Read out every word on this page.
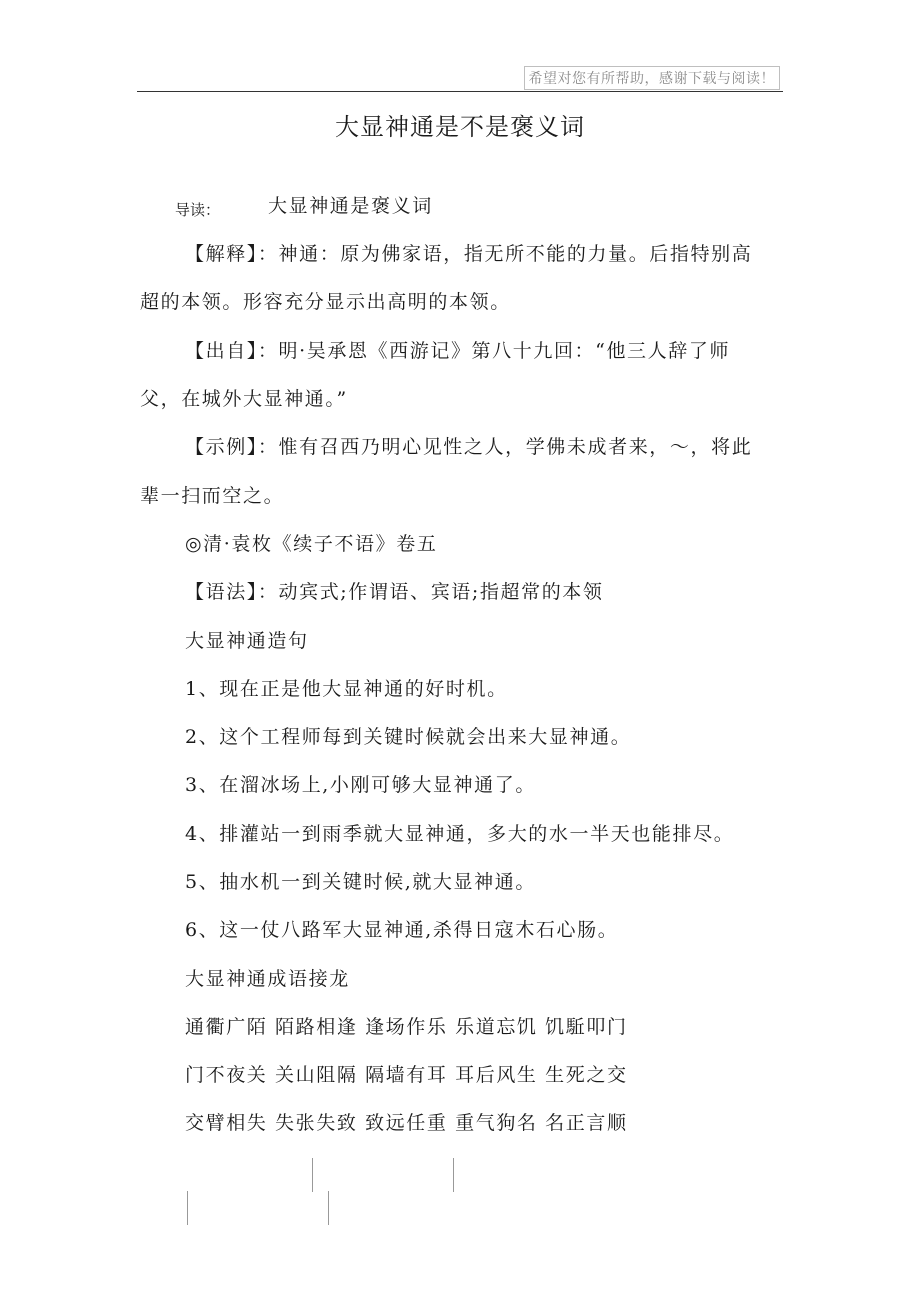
希望对您有所帮助，感谢下载与阅读！
大显神通是不是褒义词
导读：	大显神通是褒义词
【解释】：神通：原为佛家语，指无所不能的力量。后指特别高
超的本领。形容充分显示出高明的本领。
【出自】：明·吴承恩《西游记》第八十九回：“他三人辞了师
父，在城外大显神通。”
【示例】：惟有召西乃明心见性之人，学佛未成者来，～，将此
辈一扫而空之。
◎清·袁枚《续子不语》卷五
【语法】：动宾式;作谓语、宾语;指超常的本领
大显神通造句
1、现在正是他大显神通的好时机。
2、这个工程师每到关键时候就会出来大显神通。
3、在溜冰场上,小刚可够大显神通了。
4、排灌站一到雨季就大显神通，多大的水一半天也能排尽。
5、抽水机一到关键时候,就大显神通。
6、这一仗八路军大显神通,杀得日寇木石心肠。
大显神通成语接龙
通衢广陌 陌路相逢 逢场作乐 乐道忘饥 饥駈叩门
门不夜关 关山阻隔 隔墙有耳 耳后风生 生死之交
交臂相失 失张失致 致远任重 重气狗名 名正言顺
